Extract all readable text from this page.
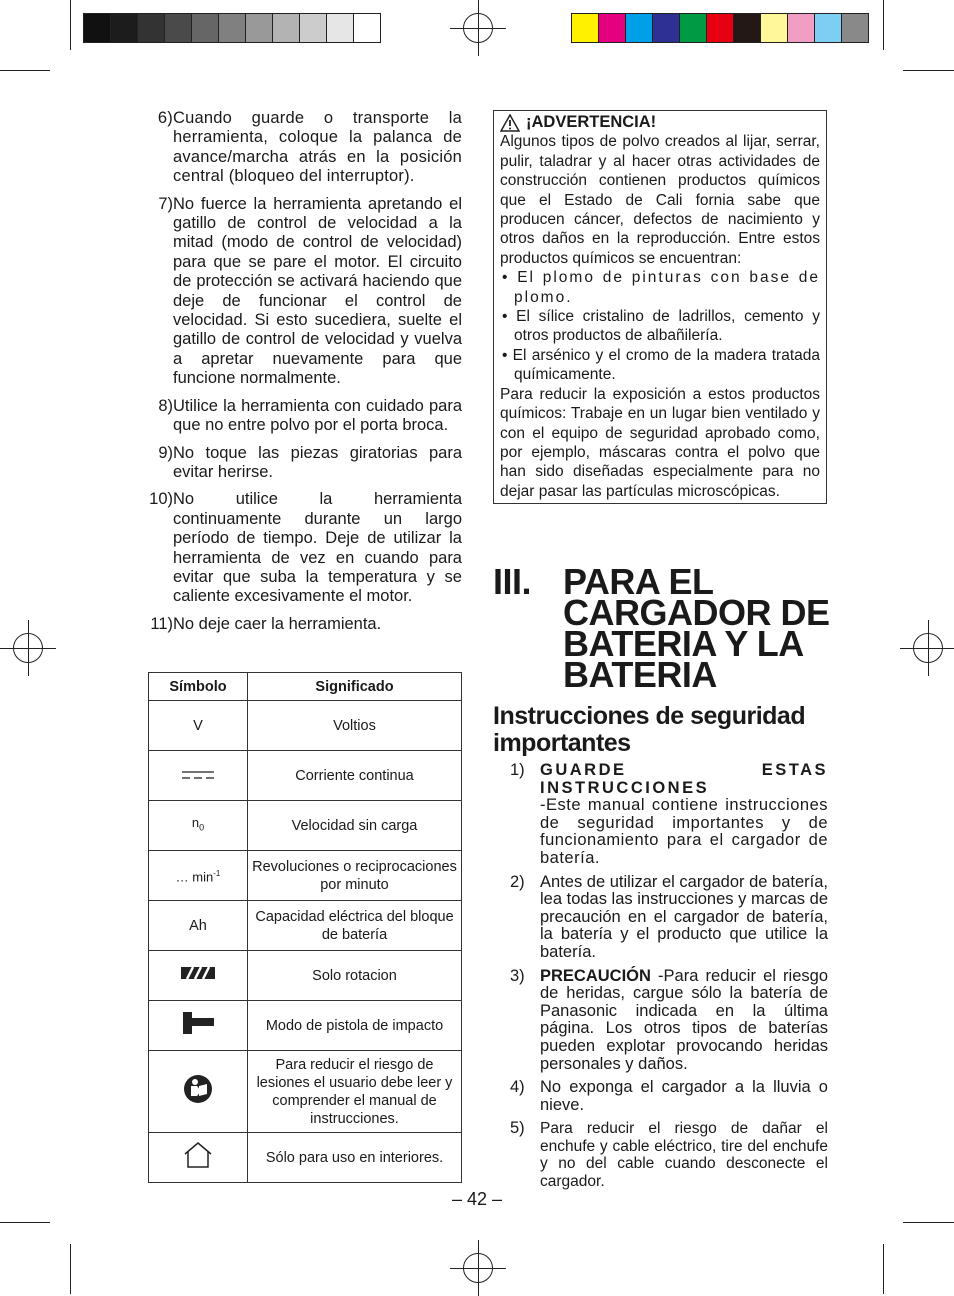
6) Cuando guarde o transporte la herramienta, coloque la palanca de avance/marcha atrás en la posición central (bloqueo del interruptor).
7) No fuerce la herramienta apretando el gatillo de control de velocidad a la mitad (modo de control de velocidad) para que se pare el motor. El circuito de protección se activará haciendo que deje de funcionar el control de velocidad. Si esto sucediera, suelte el gatillo de control de velocidad y vuelva a apretar nuevamente para que funcione normalmente.
8) Utilice la herramienta con cuidado para que no entre polvo por el porta broca.
9) No toque las piezas giratorias para evitar herirse.
10) No utilice la herramienta continuamente durante un largo período de tiempo. Deje de utilizar la herramienta de vez en cuando para evitar que suba la temperatura y se caliente excesivamente el motor.
11) No deje caer la herramienta.
Símbolo	Significado
V	Voltios
	Corriente continua
$n_0$	Velocidad sin carga
… $\min^{-1}$	Revoluciones o reciprocaciones por minuto
Ah	Capacidad eléctrica del bloque de batería
	Solo rotacion
	Modo de pistola de impacto
	Para reducir el riesgo de lesiones el usuario debe leer y comprender el manual de instrucciones.
	Sólo para uso en interiores.
¡ADVERTENCIA!
Algunos tipos de polvo creados al lijar, serrar, pulir, taladrar y al hacer otras actividades de construcción contienen productos químicos que el Estado de Cali fornia sabe que producen cáncer, defectos de nacimiento y otros daños en la reproducción. Entre estos productos químicos se encuentran:
• El plomo de pinturas con base de plomo.
• El sílice cristalino de ladrillos, cemento y otros productos de albañilería.
• El arsénico y el cromo de la madera tratada químicamente.
Para reducir la exposición a estos productos químicos: Trabaje en un lugar bien ventilado y con el equipo de seguridad aprobado como, por ejemplo, máscaras contra el polvo que han sido diseñadas especialmente para no dejar pasar las partículas microscópicas.
III. PARA EL CARGADOR DE BATERIA Y LA BATERIA
Instrucciones de seguridad importantes
1) GUARDE ESTAS INSTRUCCIONES
-Este manual contiene instrucciones de seguridad importantes y de funcionamiento para el cargador de batería.
2) Antes de utilizar el cargador de batería, lea todas las instrucciones y marcas de precaución en el cargador de batería, la batería y el producto que utilice la batería.
3) PRECAUCIÓN -Para reducir el riesgo de heridas, cargue sólo la batería de Panasonic indicada en la última página. Los otros tipos de baterías pueden explotar provocando heridas personales y daños.
4) No exponga el cargador a la lluvia o nieve.
5) Para reducir el riesgo de dañar el enchufe y cable eléctrico, tire del enchufe y no del cable cuando desconecte el cargador.
– 42 –
